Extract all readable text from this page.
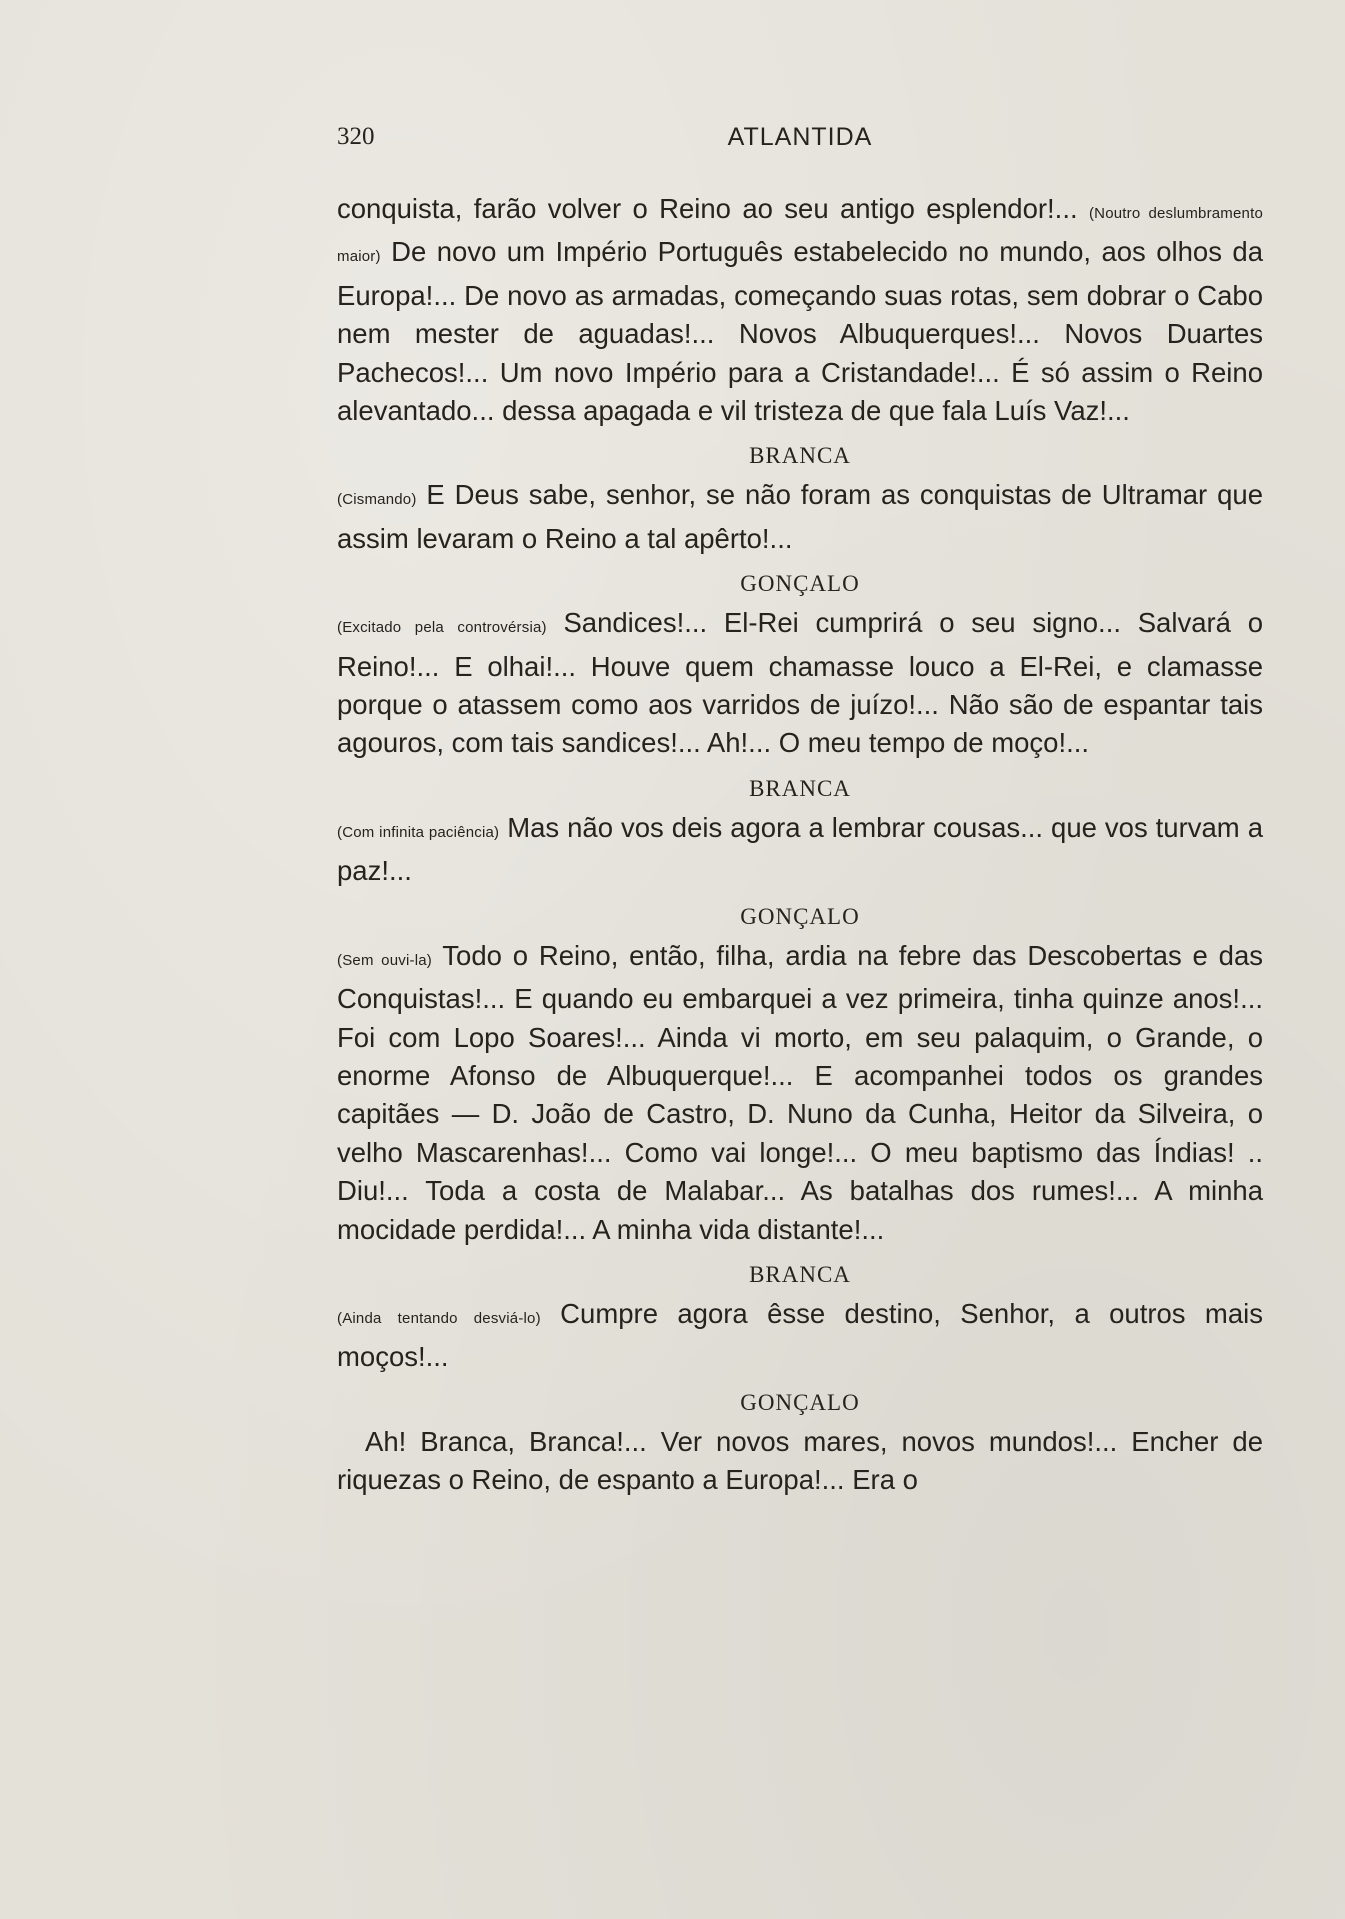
320	ATLANTIDA

conquista, farão volver o Reino ao seu antigo esplendor!... (Noutro deslumbramento maior) De novo um Império Português estabelecido no mundo, aos olhos da Europa!... De novo as armadas, começando suas rotas, sem dobrar o Cabo nem mester de aguadas!... Novos Albuquerques!... Novos Duartes Pachecos!... Um novo Império para a Cristandade!... É só assim o Reino alevantado... dessa apagada e vil tristeza de que fala Luís Vaz!...

BRANCA

(Cismando) E Deus sabe, senhor, se não foram as conquistas de Ultramar que assim levaram o Reino a tal apêrto!...

GONÇALO

(Excitado pela controvérsia) Sandices!... El-Rei cumprirá o seu signo... Salvará o Reino!... E olhai!... Houve quem chamasse louco a El-Rei, e clamasse porque o atassem como aos varridos de juízo!... Não são de espantar tais agouros, com tais sandices!... Ah!... O meu tempo de moço!...

BRANCA

(Com infinita paciência) Mas não vos deis agora a lembrar cousas... que vos turvam a paz!...

GONÇALO

(Sem ouvi-la) Todo o Reino, então, filha, ardia na febre das Descobertas e das Conquistas!... E quando eu embarquei a vez primeira, tinha quinze anos!... Foi com Lopo Soares!... Ainda vi morto, em seu palaquim, o Grande, o enorme Afonso de Albuquerque!... E acompanhei todos os grandes capitães — D. João de Castro, D. Nuno da Cunha, Heitor da Silveira, o velho Mascarenhas!... Como vai longe!... O meu baptismo das Índias! .. Diu!... Toda a costa de Malabar... As batalhas dos rumes!... A minha mocidade perdida!... A minha vida distante!...

BRANCA

(Ainda tentando desviá-lo) Cumpre agora êsse destino, Senhor, a outros mais moços!...

GONÇALO

Ah! Branca, Branca!... Ver novos mares, novos mundos!... Encher de riquezas o Reino, de espanto a Europa!... Era o
